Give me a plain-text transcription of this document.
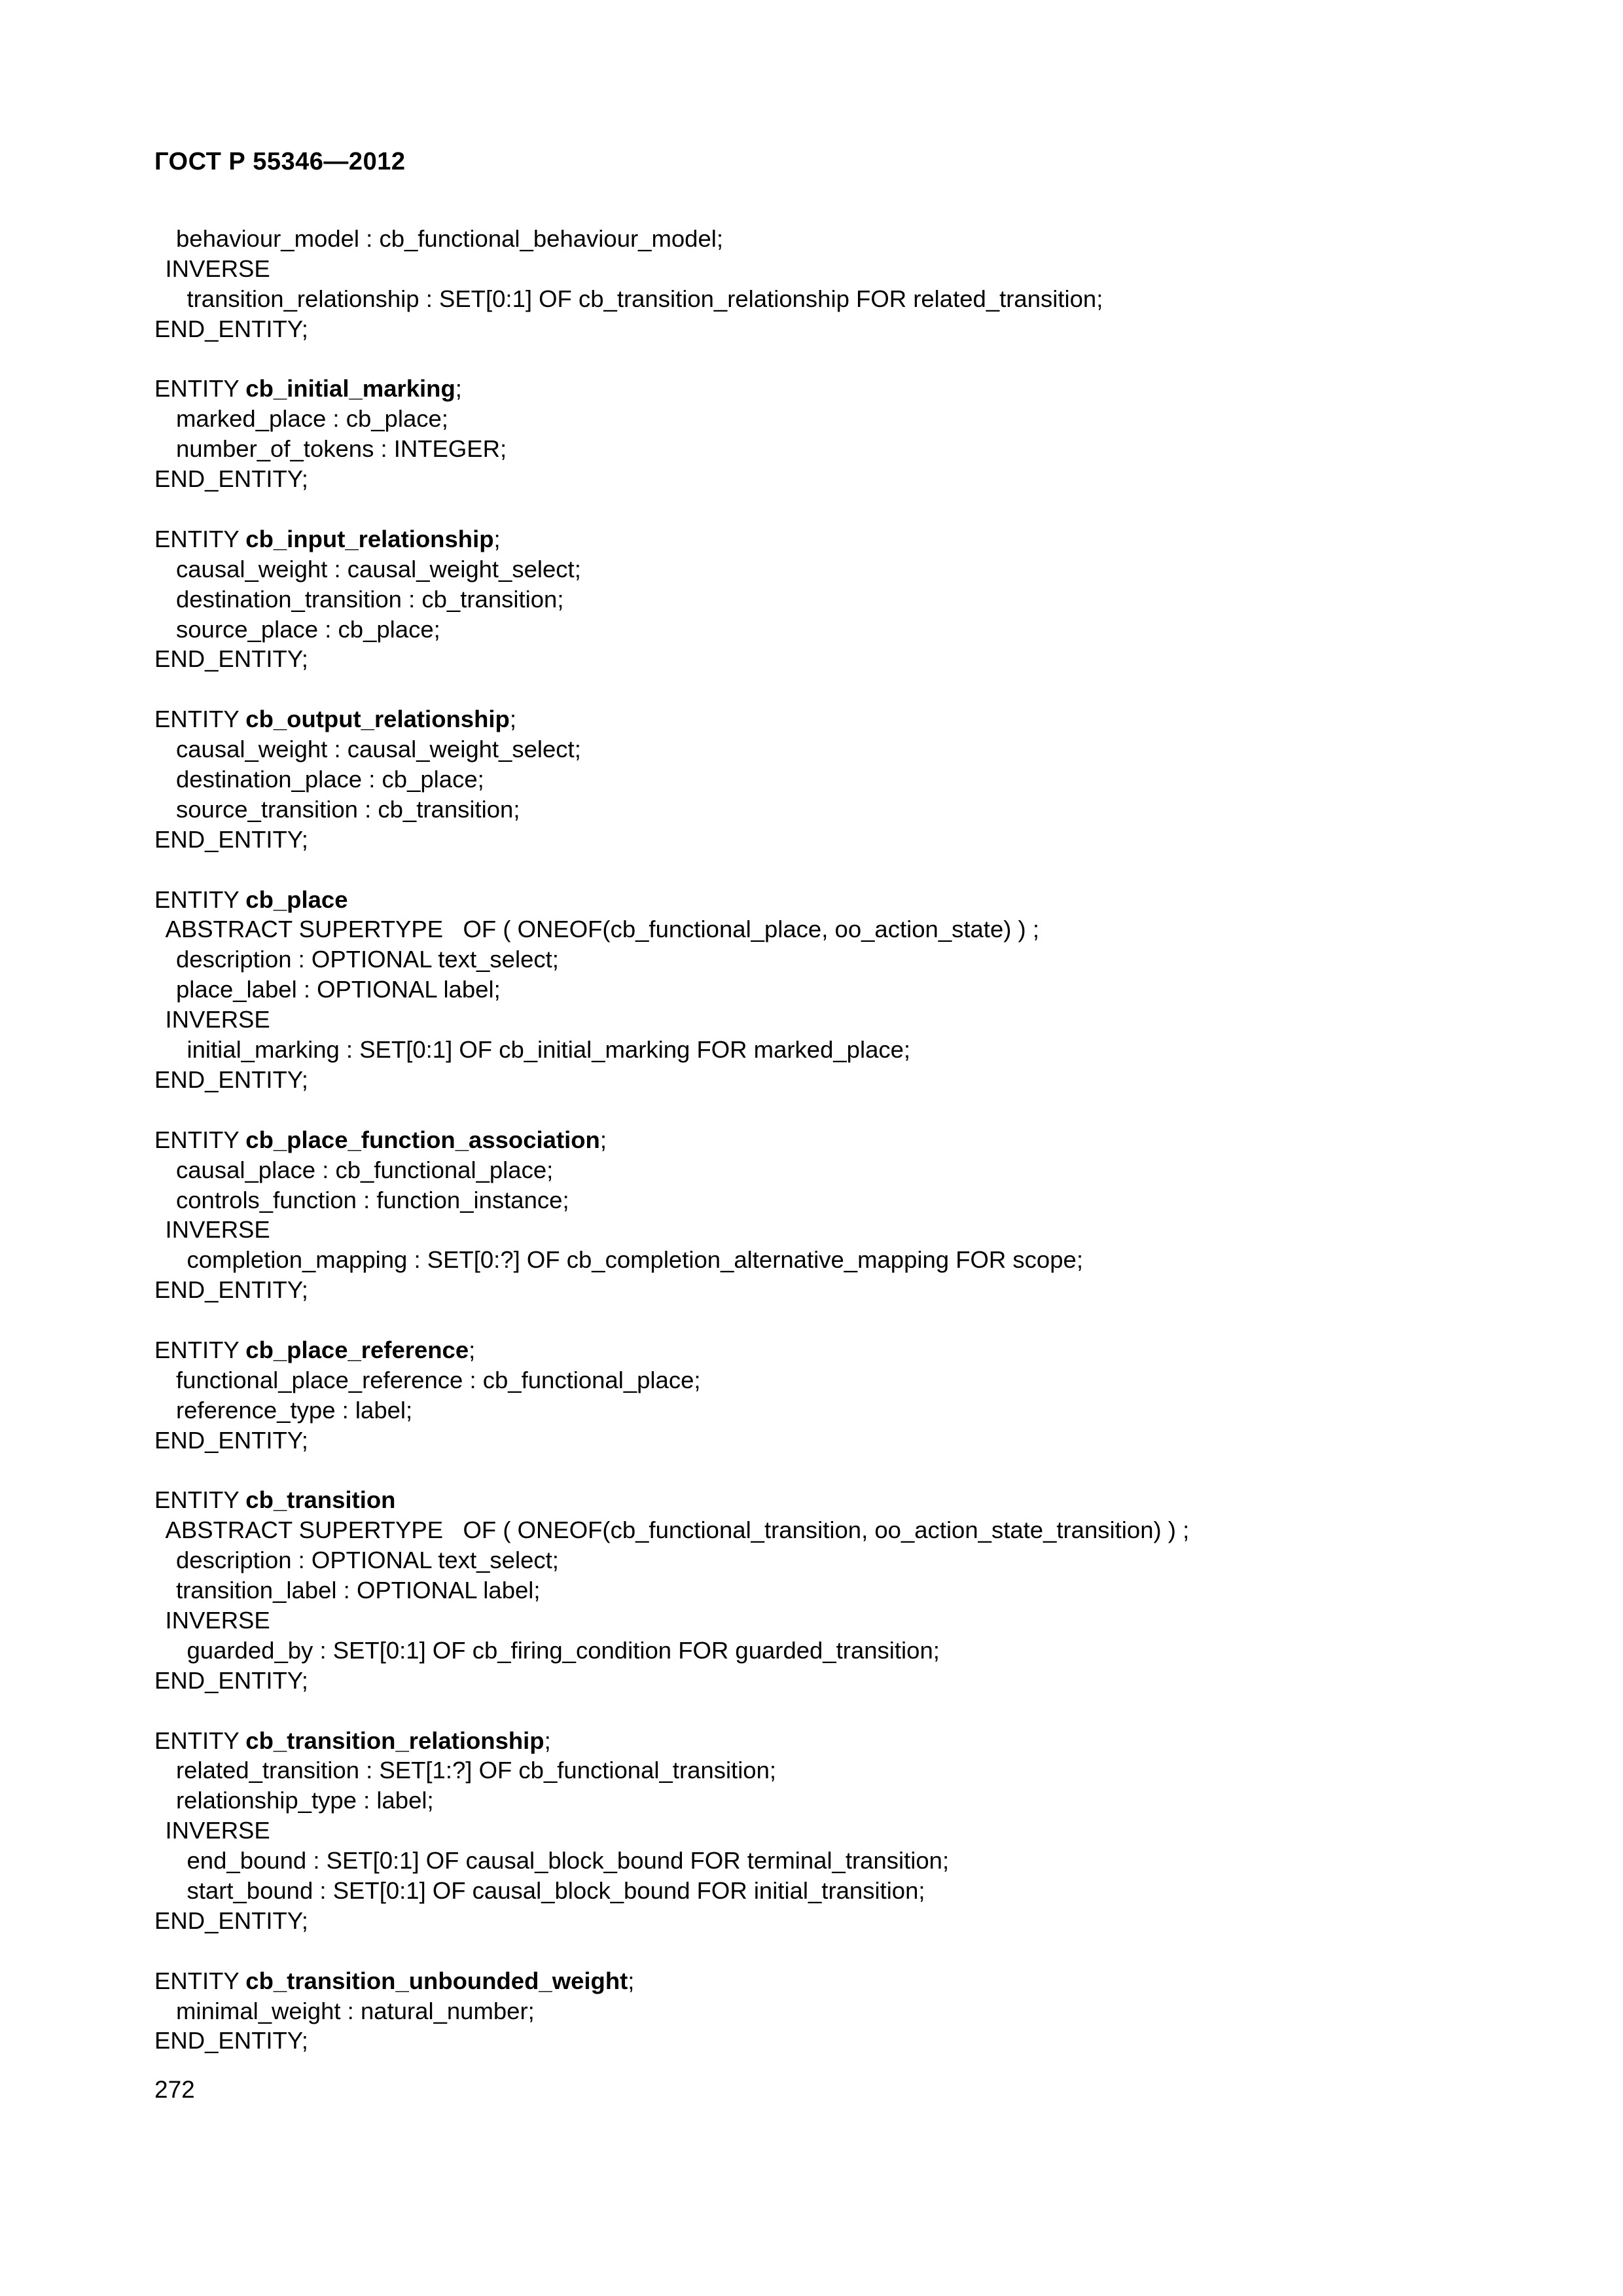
ГОСТ Р 55346—2012
behaviour_model : cb_functional_behaviour_model;
INVERSE
transition_relationship : SET[0:1] OF cb_transition_relationship FOR related_transition;
END_ENTITY;
ENTITY cb_initial_marking;
marked_place : cb_place;
number_of_tokens : INTEGER;
END_ENTITY;
ENTITY cb_input_relationship;
causal_weight : causal_weight_select;
destination_transition : cb_transition;
source_place : cb_place;
END_ENTITY;
ENTITY cb_output_relationship;
causal_weight : causal_weight_select;
destination_place : cb_place;
source_transition : cb_transition;
END_ENTITY;
ENTITY cb_place
ABSTRACT SUPERTYPE   OF ( ONEOF(cb_functional_place, oo_action_state) ) ;
description : OPTIONAL text_select;
place_label : OPTIONAL label;
INVERSE
initial_marking : SET[0:1] OF cb_initial_marking FOR marked_place;
END_ENTITY;
ENTITY cb_place_function_association;
causal_place : cb_functional_place;
controls_function : function_instance;
INVERSE
completion_mapping : SET[0:?] OF cb_completion_alternative_mapping FOR scope;
END_ENTITY;
ENTITY cb_place_reference;
functional_place_reference : cb_functional_place;
reference_type : label;
END_ENTITY;
ENTITY cb_transition
ABSTRACT SUPERTYPE   OF ( ONEOF(cb_functional_transition, oo_action_state_transition) ) ;
description : OPTIONAL text_select;
transition_label : OPTIONAL label;
INVERSE
guarded_by : SET[0:1] OF cb_firing_condition FOR guarded_transition;
END_ENTITY;
ENTITY cb_transition_relationship;
related_transition : SET[1:?] OF cb_functional_transition;
relationship_type : label;
INVERSE
end_bound : SET[0:1] OF causal_block_bound FOR terminal_transition;
start_bound : SET[0:1] OF causal_block_bound FOR initial_transition;
END_ENTITY;
ENTITY cb_transition_unbounded_weight;
minimal_weight : natural_number;
END_ENTITY;
272
